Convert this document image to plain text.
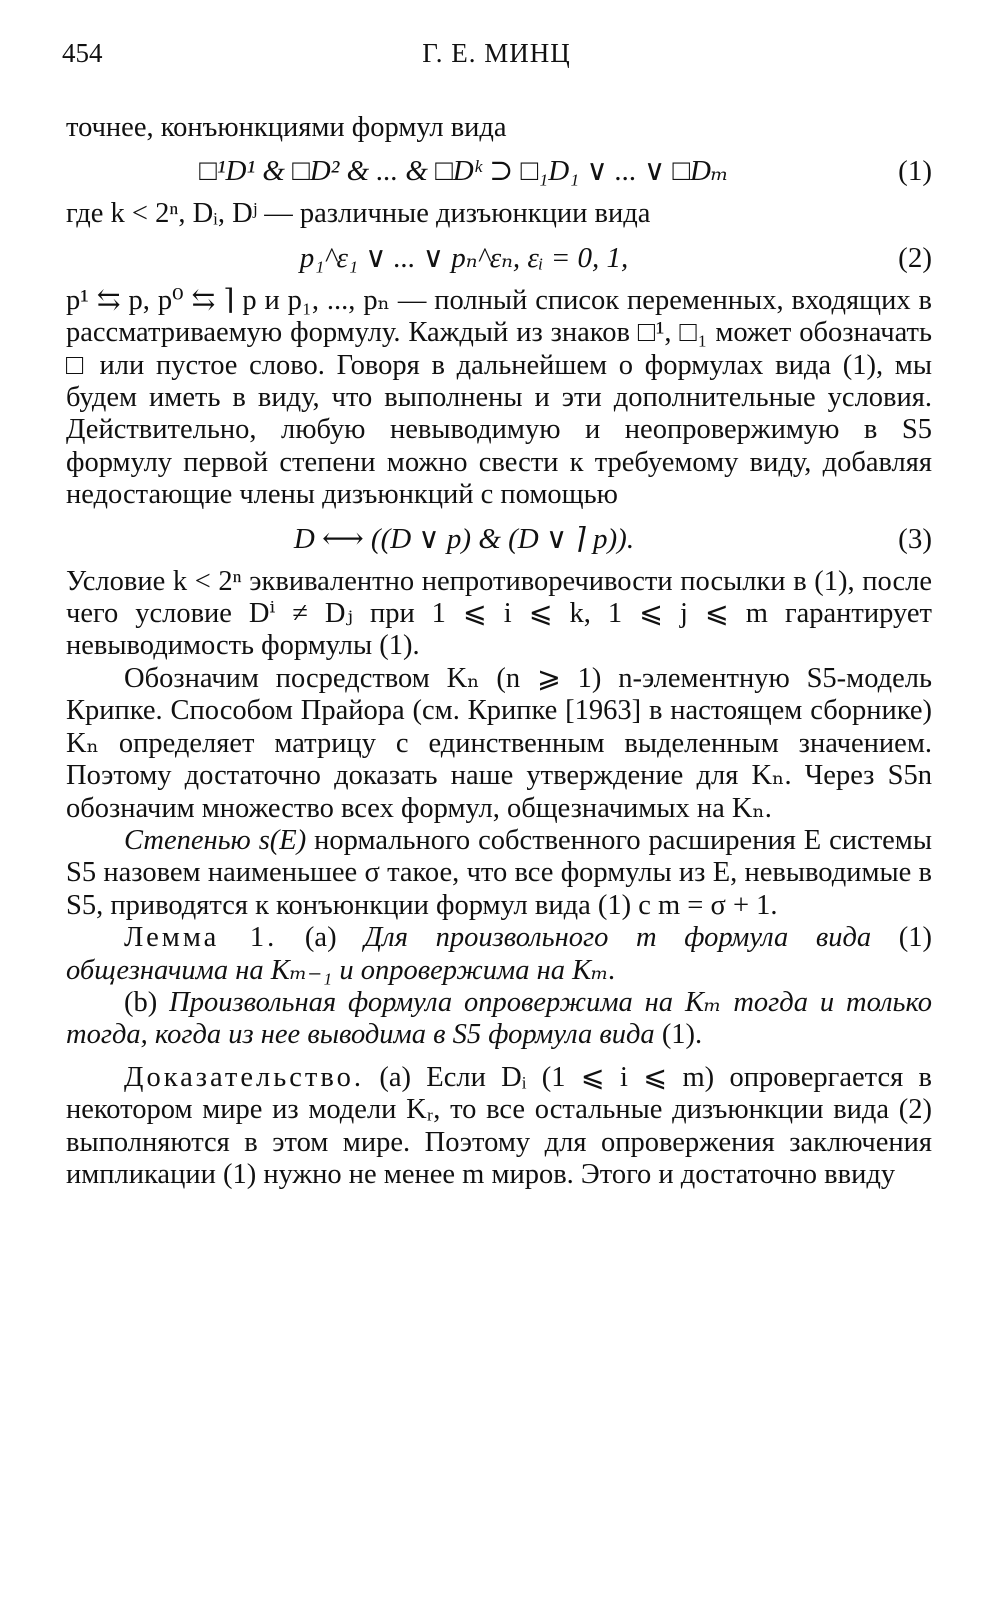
454	Г. Е. МИНЦ

точнее, конъюнкциями формул вида

□¹D¹ & □D² & ... & □Dᵏ ⊃ □₁D₁ ∨ ... ∨ □Dₘ	(1)

где k < 2ⁿ, Dᵢ, Dʲ — различные дизъюнкции вида

p₁^ε₁ ∨ ... ∨ pₙ^εₙ, εᵢ = 0, 1,	(2)

p¹ ⇆ p, p⁰ ⇆ ⌉ p и p₁, ..., pₙ — полный список переменных, входящих в рассматриваемую формулу. Каждый из знаков □¹, □₁ может обозначать □ или пустое слово. Говоря в дальнейшем о формулах вида (1), мы будем иметь в виду, что выполнены и эти дополнительные условия. Действительно, любую невыводимую и неопровержимую в S5 формулу первой степени можно свести к требуемому виду, добавляя недостающие члены дизъюнкций с помощью

D ⟷ ((D ∨ p) & (D ∨ ⌉ p)).	(3)

Условие k < 2ⁿ эквивалентно непротиворечивости посылки в (1), после чего условие Dⁱ ≠ Dⱼ при 1 ⩽ i ⩽ k, 1 ⩽ j ⩽ m гарантирует невыводимость формулы (1).

Обозначим посредством Kₙ (n ⩾ 1) n-элементную S5-модель Крипке. Способом Прайора (см. Крипке [1963] в настоящем сборнике) Kₙ определяет матрицу с единственным выделенным значением. Поэтому достаточно доказать наше утверждение для Kₙ. Через S5n обозначим множество всех формул, общезначимых на Kₙ.

Степенью s(E) нормального собственного расширения E системы S5 назовем наименьшее σ такое, что все формулы из E, невыводимые в S5, приводятся к конъюнкции формул вида (1) с m = σ + 1.

Лемма 1. (а) Для произвольного m формула вида (1) общезначима на Kₘ₋₁ и опровержима на Kₘ.

(b) Произвольная формула опровержима на Kₘ тогда и только тогда, когда из нее выводима в S5 формула вида (1).

Доказательство. (а) Если Dᵢ (1 ⩽ i ⩽ m) опровергается в некотором мире из модели Kᵣ, то все остальные дизъюнкции вида (2) выполняются в этом мире. Поэтому для опровержения заключения импликации (1) нужно не менее m миров. Этого и достаточно ввиду
